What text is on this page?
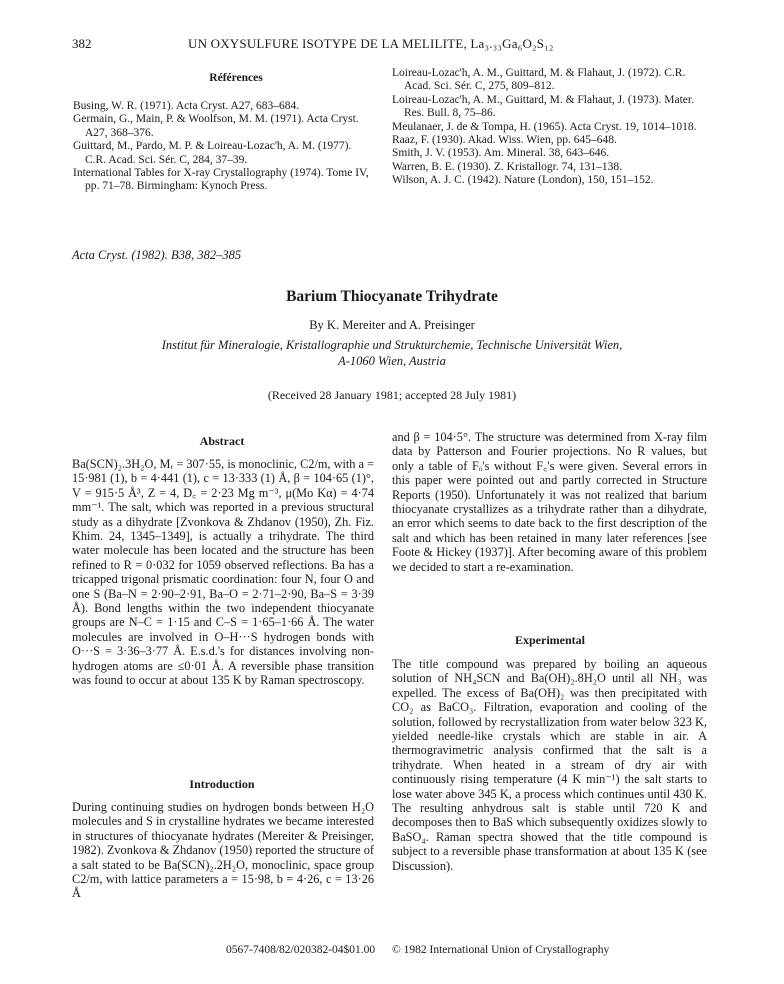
382	UN OXYSULFURE ISOTYPE DE LA MELILITE, La₃.₃₃Ga₆O₂S₁₂
Références
Busing, W. R. (1971). Acta Cryst. A27, 683–684.
Germain, G., Main, P. & Woolfson, M. M. (1971). Acta Cryst. A27, 368–376.
Guittard, M., Pardo, M. P. & Loireau-Lozac'h, A. M. (1977). C.R. Acad. Sci. Sér. C, 284, 37–39.
International Tables for X-ray Crystallography (1974). Tome IV, pp. 71–78. Birmingham: Kynoch Press.
Loireau-Lozac'h, A. M., Guittard, M. & Flahaut, J. (1972). C.R. Acad. Sci. Sér. C, 275, 809–812.
Loireau-Lozac'h, A. M., Guittard, M. & Flahaut, J. (1973). Mater. Res. Bull. 8, 75–86.
Meulanaer, J. de & Tompa, H. (1965). Acta Cryst. 19, 1014–1018.
Raaz, F. (1930). Akad. Wiss. Wien, pp. 645–648.
Smith, J. V. (1953). Am. Mineral. 38, 643–646.
Warren, B. E. (1930). Z. Kristallogr. 74, 131–138.
Wilson, A. J. C. (1942). Nature (London), 150, 151–152.
Acta Cryst. (1982). B38, 382–385
Barium Thiocyanate Trihydrate
By K. Mereiter and A. Preisinger
Institut für Mineralogie, Kristallographie und Strukturchemie, Technische Universität Wien,
A-1060 Wien, Austria
(Received 28 January 1981; accepted 28 July 1981)
Abstract

Ba(SCN)₂.3H₂O, Mᵣ = 307·55, is monoclinic, C2/m, with a = 15·981 (1), b = 4·441 (1), c = 13·333 (1) Å, β = 104·65 (1)°, V = 915·5 Å³, Z = 4, D꜀ = 2·23 Mg m⁻³, μ(Mo Kα) = 4·74 mm⁻¹. The salt, which was reported in a previous structural study as a dihydrate [Zvonkova & Zhdanov (1950), Zh. Fiz. Khim. 24, 1345–1349], is actually a trihydrate. The third water molecule has been located and the structure has been refined to R = 0·032 for 1059 observed reflections. Ba has a tricapped trigonal prismatic coordination: four N, four O and one S (Ba–N = 2·90–2·91, Ba–O = 2·71–2·90, Ba–S = 3·39 Å). Bond lengths within the two independent thiocyanate groups are N–C = 1·15 and C–S = 1·65–1·66 Å. The water molecules are involved in O–H···S hydrogen bonds with O···S = 3·36–3·77 Å. E.s.d.'s for distances involving non-hydrogen atoms are ≤0·01 Å. A reversible phase transition was found to occur at about 135 K by Raman spectroscopy.

Introduction

During continuing studies on hydrogen bonds between H₂O molecules and S in crystalline hydrates we became interested in structures of thiocyanate hydrates (Mereiter & Preisinger, 1982). Zvonkova & Zhdanov (1950) reported the structure of a salt stated to be Ba(SCN)₂.2H₂O, monoclinic, space group C2/m, with lattice parameters a = 15·98, b = 4·26, c = 13·26 Å

and β = 104·5°. The structure was determined from X-ray film data by Patterson and Fourier projections. No R values, but only a table of Fₒ's without F꜀'s were given. Several errors in this paper were pointed out and partly corrected in Structure Reports (1950). Unfortunately it was not realized that barium thiocyanate crystallizes as a trihydrate rather than a dihydrate, an error which seems to date back to the first description of the salt and which has been retained in many later references [see Foote & Hickey (1937)]. After becoming aware of this problem we decided to start a re-examination.

Experimental

The title compound was prepared by boiling an aqueous solution of NH₄SCN and Ba(OH)₂.8H₂O until all NH₃ was expelled. The excess of Ba(OH)₂ was then precipitated with CO₂ as BaCO₃. Filtration, evaporation and cooling of the solution, followed by recrystallization from water below 323 K, yielded needle-like crystals which are stable in air. A thermogravimetric analysis confirmed that the salt is a trihydrate. When heated in a stream of dry air with continuously rising temperature (4 K min⁻¹) the salt starts to lose water above 345 K, a process which continues until 430 K. The resulting anhydrous salt is stable until 720 K and decomposes then to BaS which subsequently oxidizes slowly to BaSO₄. Raman spectra showed that the title compound is subject to a reversible phase transformation at about 135 K (see Discussion).

0567-7408/82/020382-04$01.00 © 1982 International Union of Crystallography
